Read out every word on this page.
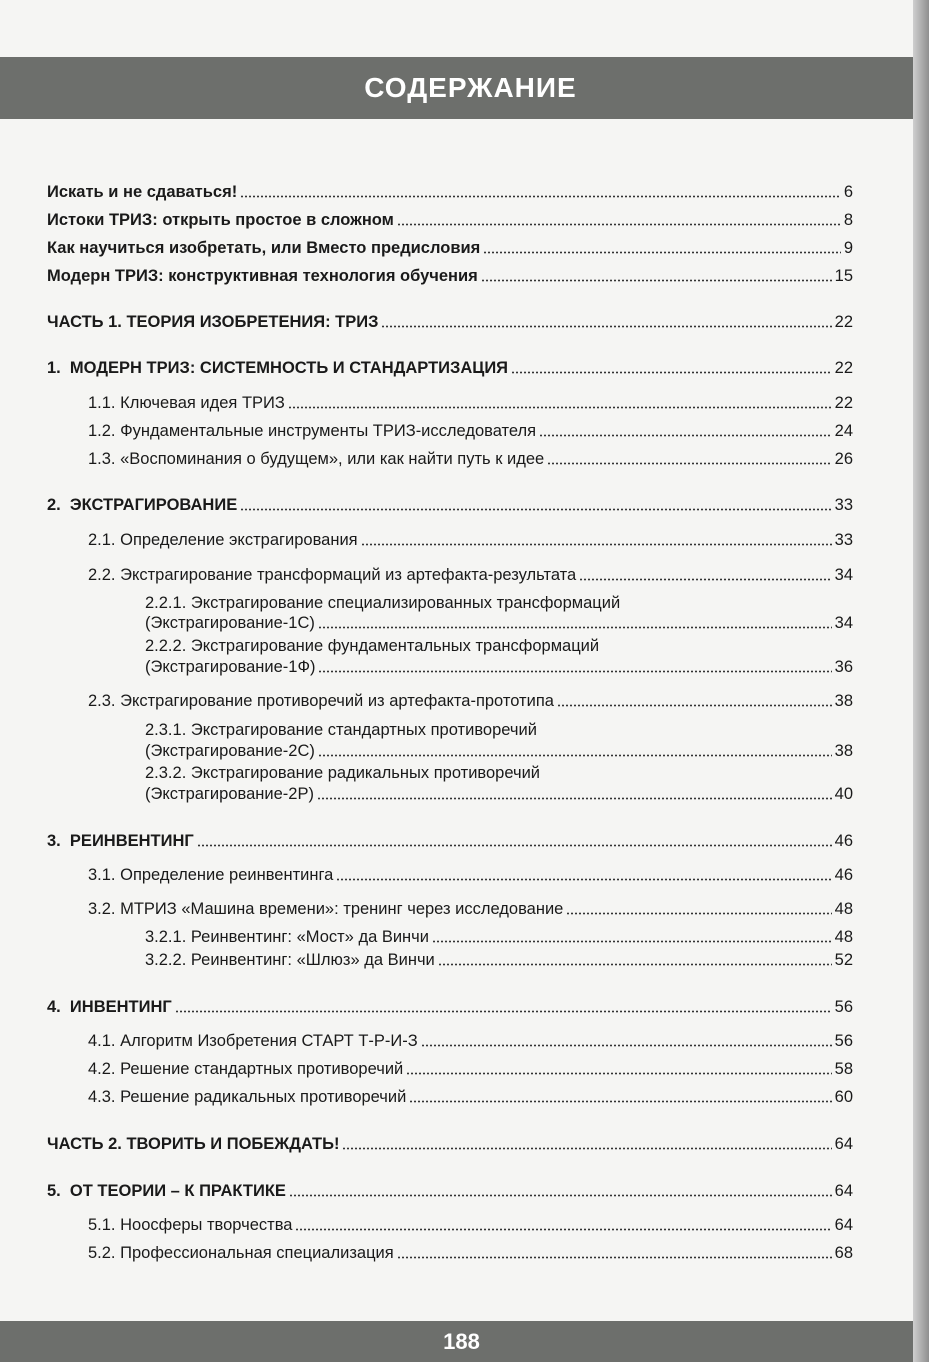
СОДЕРЖАНИЕ
Искать и не сдаваться!	6
Истоки ТРИЗ: открыть простое в сложном	8
Как научиться изобретать, или Вместо предисловия	9
Модерн ТРИЗ: конструктивная технология обучения	15
ЧАСТЬ 1. ТЕОРИЯ ИЗОБРЕТЕНИЯ: ТРИЗ	22
1.  МОДЕРН ТРИЗ: СИСТЕМНОСТЬ И СТАНДАРТИЗАЦИЯ	22
1.1. Ключевая идея ТРИЗ	22
1.2. Фундаментальные инструменты ТРИЗ-исследователя	24
1.3. «Воспоминания о будущем», или как найти путь к идее	26
2.  ЭКСТРАГИРОВАНИЕ	33
2.1. Определение экстрагирования	33
2.2. Экстрагирование трансформаций из артефакта-результата	34
2.2.1. Экстрагирование специализированных трансформаций
(Экстрагирование-1С)	34
2.2.2. Экстрагирование фундаментальных трансформаций
(Экстрагирование-1Ф)	36
2.3. Экстрагирование противоречий из артефакта-прототипа	38
2.3.1. Экстрагирование стандартных противоречий
(Экстрагирование-2С)	38
2.3.2. Экстрагирование радикальных противоречий
(Экстрагирование-2Р)	40
3.  РЕИНВЕНТИНГ	46
3.1. Определение реинвентинга	46
3.2. МТРИЗ «Машина времени»: тренинг через исследование	48
3.2.1. Реинвентинг: «Мост» да Винчи	48
3.2.2. Реинвентинг: «Шлюз» да Винчи	52
4.  ИНВЕНТИНГ	56
4.1. Алгоритм Изобретения СТАРТ Т-Р-И-З	56
4.2. Решение стандартных противоречий	58
4.3. Решение радикальных противоречий	60
ЧАСТЬ 2. ТВОРИТЬ И ПОБЕЖДАТЬ!	64
5.  ОТ ТЕОРИИ – К ПРАКТИКЕ	64
5.1. Ноосферы творчества	64
5.2. Профессиональная специализация	68
188
